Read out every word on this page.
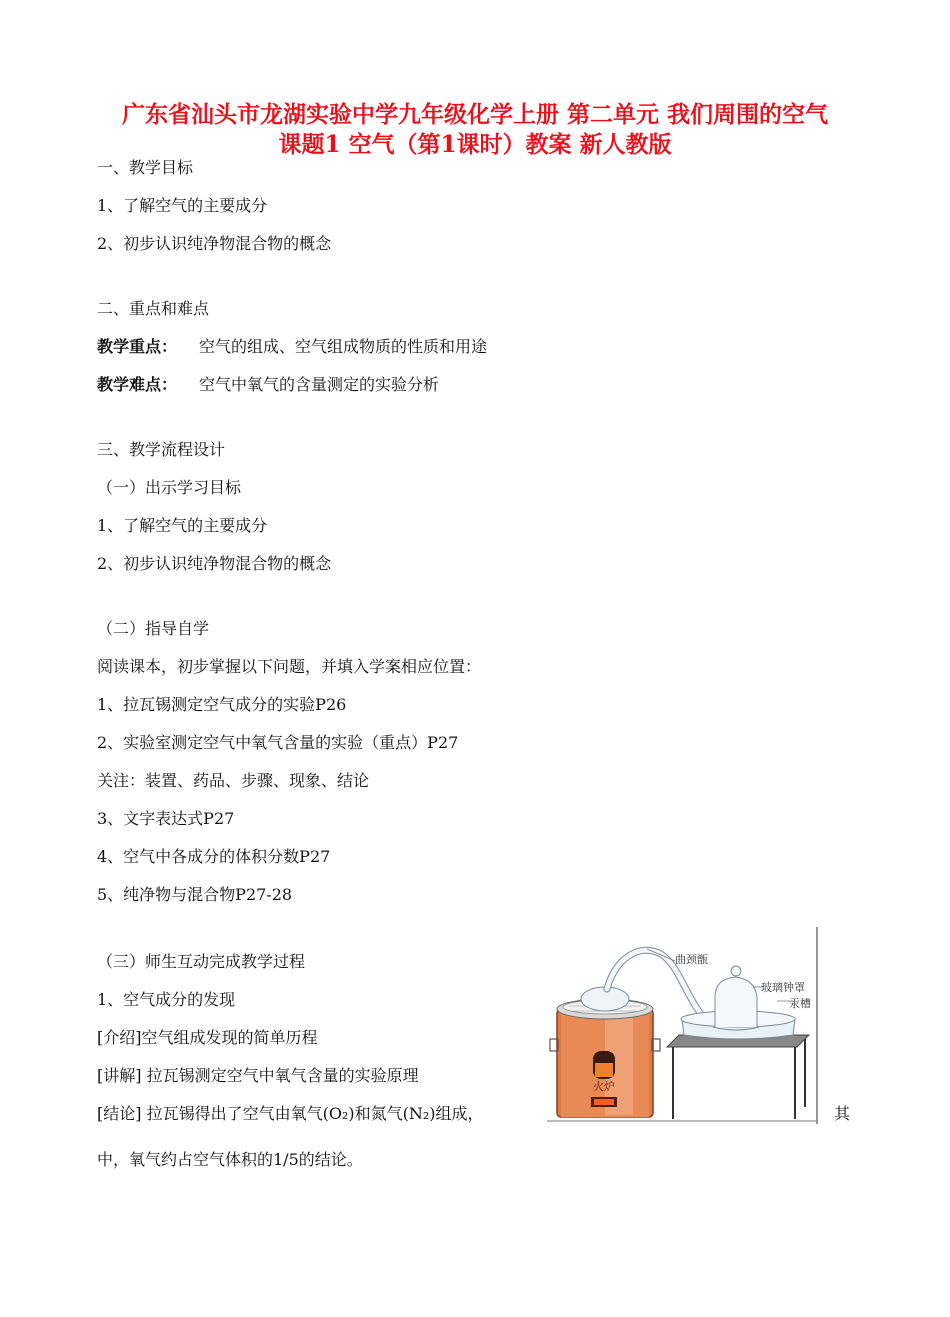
广东省汕头市龙湖实验中学九年级化学上册 第二单元 我们周围的空气
课题1 空气（第1课时）教案 新人教版
一、教学目标
1、了解空气的主要成分
2、初步认识纯净物混合物的概念
二、重点和难点
教学重点： 空气的组成、空气组成物质的性质和用途
教学难点： 空气中氧气的含量测定的实验分析
三、教学流程设计
（一）出示学习目标
1、了解空气的主要成分
2、初步认识纯净物混合物的概念
（二）指导自学
阅读课本，初步掌握以下问题，并填入学案相应位置：
1、拉瓦锡测定空气成分的实验P26
2、实验室测定空气中氧气含量的实验（重点）P27
关注：装置、药品、步骤、现象、结论
3、文字表达式P27
4、空气中各成分的体积分数P27
5、纯净物与混合物P27-28
（三）师生互动完成教学过程
1、空气成分的发现
[介绍]空气组成发现的简单历程
[讲解] 拉瓦锡测定空气中氧气含量的实验原理
[结论] 拉瓦锡得出了空气由氧气(O₂)和氮气(N₂)组成，	其
中，氧气约占空气体积的1/5的结论。
火炉
曲颈甑
汞槽
玻璃钟罩
